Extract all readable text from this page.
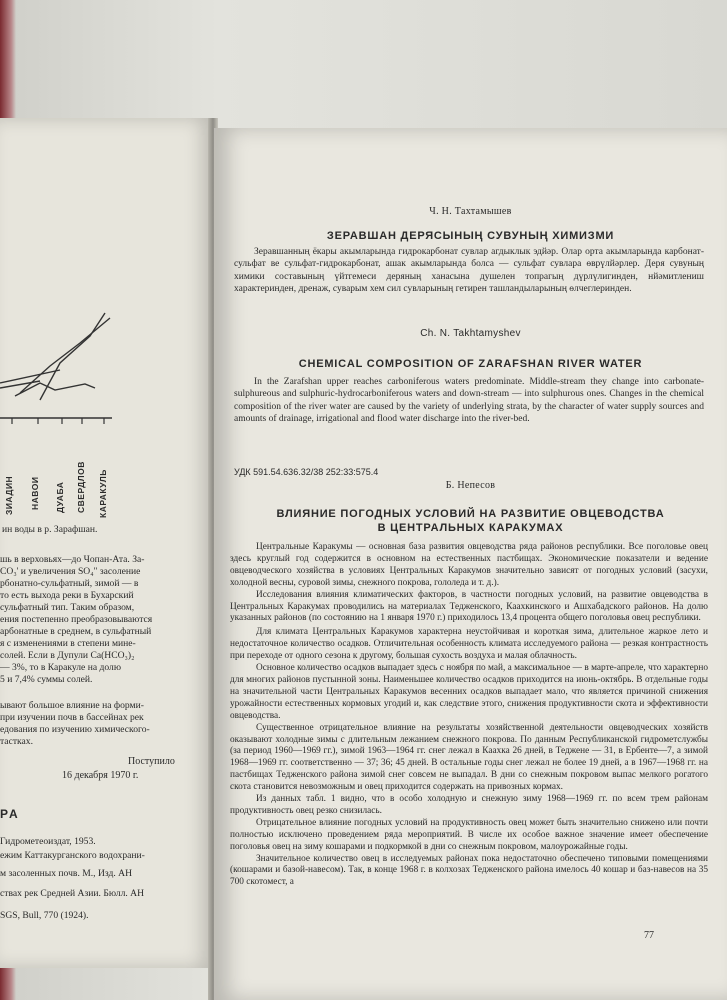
ЗИАДИН НАВОИ ДУАБА СВЕРДЛОВ КАРАКУЛЬ
ин воды в р. Зарафшан.
шь в верховьях—до Чопан-Ата. За-
CO₃' и увеличения SO₄" засоление
рбонатно-сульфатный, зимой — в
то есть выхода реки в Бухарский
сульфатный тип. Таким образом,
ения постепенно преобразовываются
арбонатные в среднем, в сульфатный
я с изменениями в степени мине-
солей. Если в Дупули Ca(HCO₃)₂
— 3%, то в Каракуле на долю
5 и 7,4% суммы солей.
ывают большое влияние на форми-
при изучении почв в бассейнах рек
едования по изучению химического-
тастках.
Поступило
16 декабря 1970 г.
РА
Гидрометеоиздат, 1953.
ежим Каттакурганского водохрани-
м засоленных почв. М., Изд. АН
ствах рек Средней Азии. Бюлл. АН
SGS, Bull, 770 (1924).
Ч. Н. Тахтамышев
ЗЕРАВШАН ДЕРЯСЫНЫҢ СУВУНЫҢ ХИМИЗМИ
Зеравшанның ёкары акымларында гидрокарбонат сувлар агдыклык эдйәр. Олар орта акымларында карбонат-сульфат ве сульфат-гидрокарбонат, ашак акымларында болса — сульфат сувлара өврүлйәрлер. Деря сувуның химики составының үйтгемеси деряның ханасына душелен топрагың дүрлүлигинден, нйәмитлениш характеринден, дренаж, суварым хем сил сувларының гетирен ташландыларының өлчеглеринден.
Ch. N. Takhtamyshev
CHEMICAL COMPOSITION OF ZARAFSHAN RIVER WATER
In the Zarafshan upper reaches carboniferous waters predominate. Middle-stream they change into carbonate-sulphureous and sulphuric-hydrocarboniferous waters and down-stream — into sulphurous ones. Changes in the chemical composition of the river water are caused by the variety of underlying strata, by the character of water supply sources and amounts of drainage, irrigational and flood water discharge into the river-bed.
УДК 591.54.636.32/38 252:33:575.4
Б. Непесов
ВЛИЯНИЕ ПОГОДНЫХ УСЛОВИЙ НА РАЗВИТИЕ ОВЦЕВОДСТВА
В ЦЕНТРАЛЬНЫХ КАРАКУМАХ

Центральные Каракумы — основная база развития овцеводства ряда районов республики. Все поголовье овец здесь круглый год содержится в основном на естественных пастбищах. Экономические показатели и ведение овцеводческого хозяйства в условиях Центральных Каракумов значительно зависят от погодных условий (засухи, холодной весны, суровой зимы, снежного покрова, гололеда и т. д.).

Исследования влияния климатических факторов, в частности погодных условий, на развитие овцеводства в Центральных Каракумах проводились на материалах Тедженского, Каахкинского и Ашхабадского районов. На долю указанных районов (по состоянию на 1 января 1970 г.) приходилось 13,4 процента общего поголовья овец республики.

Для климата Центральных Каракумов характерна неустойчивая и короткая зима, длительное жаркое лето и недостаточное количество осадков. Отличительная особенность климата исследуемого района — резкая контрастность при переходе от одного сезона к другому, большая сухость воздуха и малая облачность.

Основное количество осадков выпадает здесь с ноября по май, а максимальное — в марте-апреле, что характерно для многих районов пустынной зоны. Наименьшее количество осадков приходится на июнь-октябрь. В отдельные годы на значительной части Центральных Каракумов весенних осадков выпадает мало, что является причиной снижения урожайности естественных кормовых угодий и, как следствие этого, снижения продуктивности скота и эффективности овцеводства.

Существенное отрицательное влияние на результаты хозяйственной деятельности овцеводческих хозяйств оказывают холодные зимы с длительным лежанием снежного покрова. По данным Республиканской гидрометслужбы (за период 1960—1969 гг.), зимой 1963—1964 гг. снег лежал в Каахка 26 дней, в Теджене — 31, в Ербенте—7, а зимой 1968—1969 гг. соответственно — 37; 36; 45 дней. В остальные годы снег лежал не более 19 дней, а в 1967—1968 гг. на пастбищах Тедженского района зимой снег совсем не выпадал. В дни со снежным покровом выпас мелкого рогатого скота становится невозможным и овец приходится содержать на привозных кормах.

Из данных табл. 1 видно, что в особо холодную и снежную зиму 1968—1969 гг. по всем трем районам продуктивность овец резко снизилась.

Отрицательное влияние погодных условий на продуктивность овец может быть значительно снижено или почти полностью исключено проведением ряда мероприятий. В числе их особое важное значение имеет обеспечение поголовья овец на зиму кошарами и подкормкой в дни со снежным покровом, малоурожайные годы.

Значительное количество овец в исследуемых районах пока недостаточно обеспечено типовыми помещениями (кошарами и базой-навесом). Так, в конце 1968 г. в колхозах Тедженского района имелось 40 кошар и баз-навесов на 35 700 скотомест, а

77
